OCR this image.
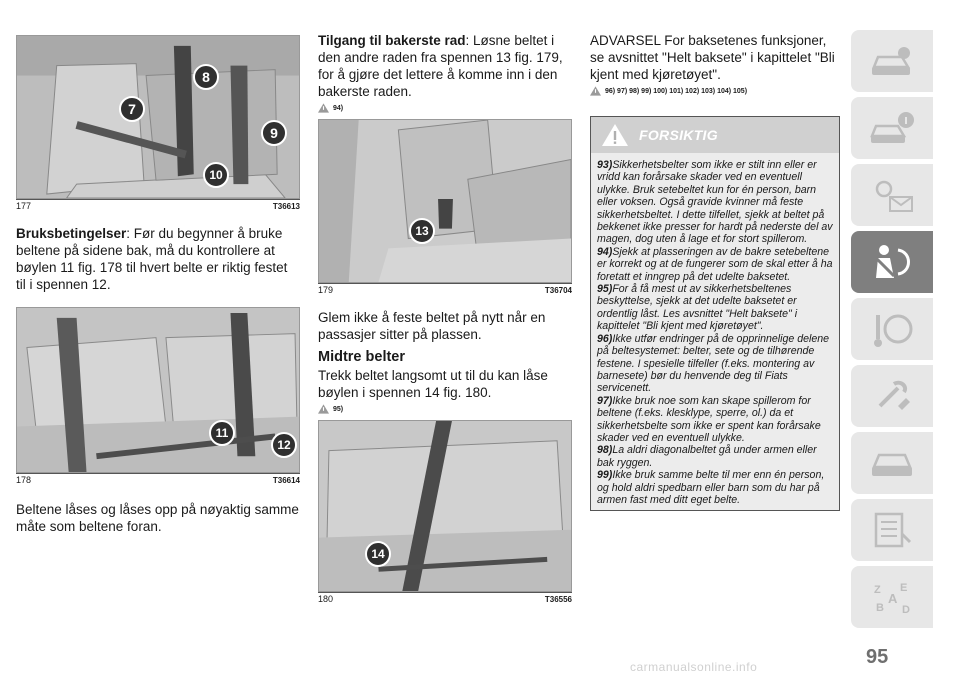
8
7
9
10
177	T36613

Bruksbetingelser: Før du begynner å bruke beltene på sidene bak, må du kontrollere at bøylen 11 fig. 178 til hvert belte er riktig festet til i spennen 12.

11
12
178	T36614

Beltene låses og låses opp på nøyaktig samme måte som beltene foran.

Tilgang til bakerste rad: Løsne beltet i den andre raden fra spennen 13 fig. 179, for å gjøre det lettere å komme inn i den bakerste raden.

94)
13
179	T36704

Glem ikke å feste beltet på nytt når en passasjer sitter på plassen.

Midtre belter

Trekk beltet langsomt ut til du kan låse bøylen i spennen 14 fig. 180.

95)
14
180	T36556

ADVARSEL For baksetenes funksjoner, se avsnittet "Helt baksete" i kapittelet "Bli kjent med kjøretøyet".

96) 97) 98) 99) 100) 101) 102) 103) 104) 105)
FORSIKTIG
93)Sikkerhetsbelter som ikke er stilt inn eller er vridd kan forårsake skader ved en eventuell ulykke. Bruk setebeltet kun for én person, barn eller voksen. Også gravide kvinner må feste sikkerhetsbeltet. I dette tilfellet, sjekk at beltet på bekkenet ikke presser for hardt på nederste del av magen, dog uten å lage et for stort spillerom.
94)Sjekk at plasseringen av de bakre setebeltene er korrekt og at de fungerer som de skal etter å ha foretatt et inngrep på det udelte baksetet.
95)For å få mest ut av sikkerhetsbeltenes beskyttelse, sjekk at det udelte baksetet er ordentlig låst. Les avsnittet "Helt baksete" i kapittelet "Bli kjent med kjøretøyet".
96)Ikke utfør endringer på de opprinnelige delene på beltesystemet: belter, sete og de tilhørende festene. I spesielle tilfeller (f.eks. montering av barnesete) bør du henvende deg til Fiats servicenett.
97)Ikke bruk noe som kan skape spillerom for beltene (f.eks. klesklype, sperre, ol.) da et sikkerhetsbelte som ikke er spent kan forårsake skader ved en eventuell ulykke.
98)La aldri diagonalbeltet gå under armen eller bak ryggen.
99)Ikke bruk samme belte til mer enn én person, og hold aldri spedbarn eller barn som du har på armen fast med ditt eget belte.
Z E
B
A
D
95
carmanualsonline.info
